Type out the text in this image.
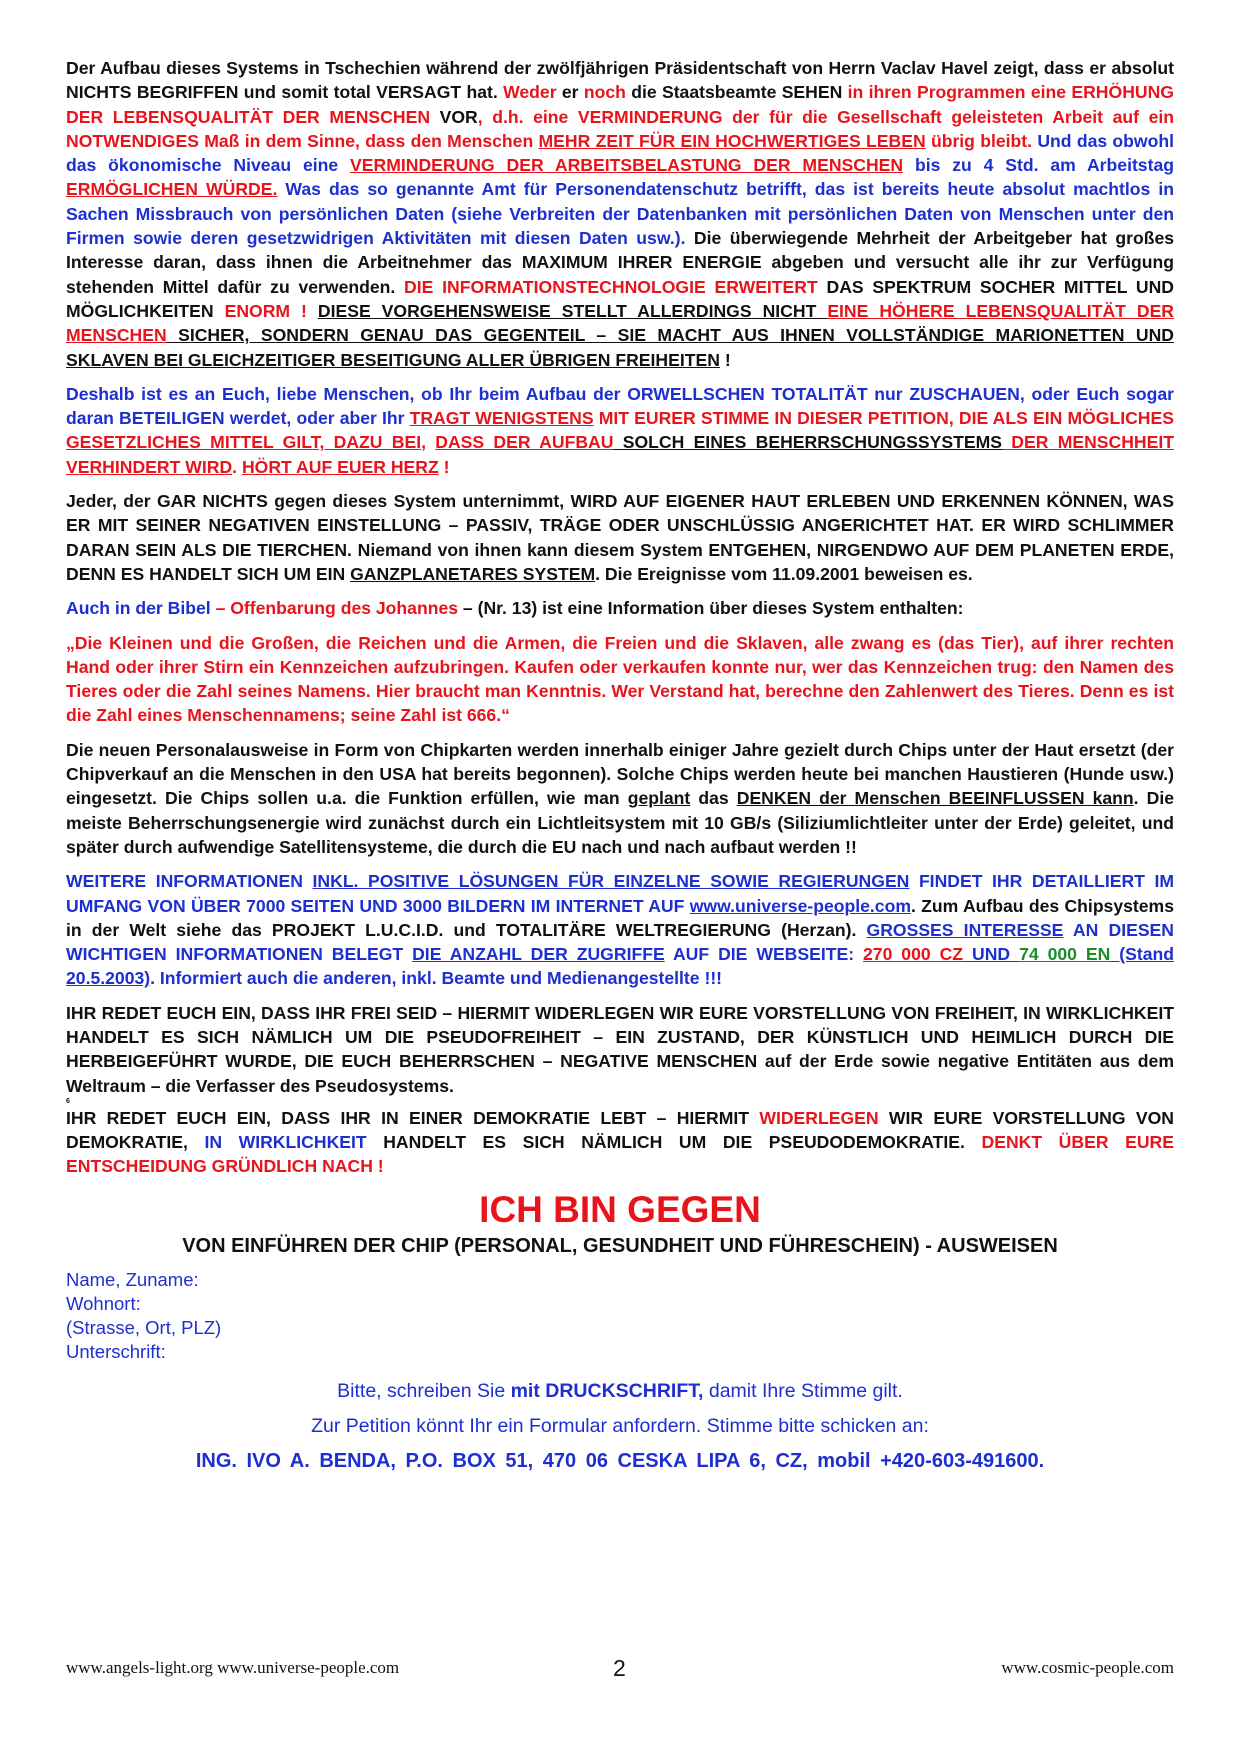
Der Aufbau dieses Systems in Tschechien während der zwölfjährigen Präsidentschaft von Herrn Vaclav Havel zeigt, dass er absolut NICHTS BEGRIFFEN und somit total VERSAGT hat. Weder er noch die Staatsbeamte SEHEN in ihren Programmen eine ERHÖHUNG DER LEBENSQUALITÄT DER MENSCHEN VOR, d.h. eine VERMINDERUNG der für die Gesellschaft geleisteten Arbeit auf ein NOTWENDIGES Maß in dem Sinne, dass den Menschen MEHR ZEIT FÜR EIN HOCHWERTIGES LEBEN übrig bleibt. Und das obwohl das ökonomische Niveau eine VERMINDERUNG DER ARBEITSBELASTUNG DER MENSCHEN bis zu 4 Std. am Arbeitstag ERMÖGLICHEN WÜRDE. Was das so genannte Amt für Personendatenschutz betrifft, das ist bereits heute absolut machtlos in Sachen Missbrauch von persönlichen Daten (siehe Verbreiten der Datenbanken mit persönlichen Daten von Menschen unter den Firmen sowie deren gesetzwidrigen Aktivitäten mit diesen Daten usw.). Die überwiegende Mehrheit der Arbeitgeber hat großes Interesse daran, dass ihnen die Arbeitnehmer das MAXIMUM IHRER ENERGIE abgeben und versucht alle ihr zur Verfügung stehenden Mittel dafür zu verwenden. DIE INFORMATIONSTECHNOLOGIE ERWEITERT DAS SPEKTRUM SOCHER MITTEL UND MÖGLICHKEITEN ENORM ! DIESE VORGEHENSWEISE STELLT ALLERDINGS NICHT EINE HÖHERE LEBENSQUALITÄT DER MENSCHEN SICHER, SONDERN GENAU DAS GEGENTEIL – SIE MACHT AUS IHNEN VOLLSTÄNDIGE MARIONETTEN UND SKLAVEN BEI GLEICHZEITIGER BESEITIGUNG ALLER ÜBRIGEN FREIHEITEN !

Deshalb ist es an Euch, liebe Menschen, ob Ihr beim Aufbau der ORWELLSCHEN TOTALITÄT nur ZUSCHAUEN, oder Euch sogar daran BETEILIGEN werdet, oder aber Ihr TRAGT WENIGSTENS MIT EURER STIMME IN DIESER PETITION, DIE ALS EIN MÖGLICHES GESETZLICHES MITTEL GILT, DAZU BEI, DASS DER AUFBAU SOLCH EINES BEHERRSCHUNGSSYSTEMS DER MENSCHHEIT VERHINDERT WIRD. HÖRT AUF EUER HERZ !

Jeder, der GAR NICHTS gegen dieses System unternimmt, WIRD AUF EIGENER HAUT ERLEBEN UND ERKENNEN KÖNNEN, WAS ER MIT SEINER NEGATIVEN EINSTELLUNG – PASSIV, TRÄGE ODER UNSCHLÜSSIG ANGERICHTET HAT. ER WIRD SCHLIMMER DARAN SEIN ALS DIE TIERCHEN. Niemand von ihnen kann diesem System ENTGEHEN, NIRGENDWO AUF DEM PLANETEN ERDE, DENN ES HANDELT SICH UM EIN GANZPLANETARES SYSTEM. Die Ereignisse vom 11.09.2001 beweisen es.

Auch in der Bibel – Offenbarung des Johannes – (Nr. 13) ist eine Information über dieses System enthalten:

„Die Kleinen und die Großen, die Reichen und die Armen, die Freien und die Sklaven, alle zwang es (das Tier), auf ihrer rechten Hand oder ihrer Stirn ein Kennzeichen aufzubringen. Kaufen oder verkaufen konnte nur, wer das Kennzeichen trug: den Namen des Tieres oder die Zahl seines Namens. Hier braucht man Kenntnis. Wer Verstand hat, berechne den Zahlenwert des Tieres. Denn es ist die Zahl eines Menschennamens; seine Zahl ist 666.“

Die neuen Personalausweise in Form von Chipkarten werden innerhalb einiger Jahre gezielt durch Chips unter der Haut ersetzt (der Chipverkauf an die Menschen in den USA hat bereits begonnen). Solche Chips werden heute bei manchen Haustieren (Hunde usw.) eingesetzt. Die Chips sollen u.a. die Funktion erfüllen, wie man geplant das DENKEN der Menschen BEEINFLUSSEN kann. Die meiste Beherrschungsenergie wird zunächst durch ein Lichtleitsystem mit 10 GB/s (Siliziumlichtleiter unter der Erde) geleitet, und später durch aufwendige Satellitensysteme, die durch die EU nach und nach aufbaut werden !!

WEITERE INFORMATIONEN INKL. POSITIVE LÖSUNGEN FÜR EINZELNE SOWIE REGIERUNGEN FINDET IHR DETAILLIERT IM UMFANG VON ÜBER 7000 SEITEN UND 3000 BILDERN IM INTERNET AUF www.universe-people.com. Zum Aufbau des Chipsystems in der Welt siehe das PROJEKT L.U.C.I.D. und TOTALITÄRE WELTREGIERUNG (Herzan). GROSSES INTERESSE AN DIESEN WICHTIGEN INFORMATIONEN BELEGT DIE ANZAHL DER ZUGRIFFE AUF DIE WEBSEITE: 270 000 CZ UND 74 000 EN (Stand 20.5.2003). Informiert auch die anderen, inkl. Beamte und Medienangestellte !!!

IHR REDET EUCH EIN, DASS IHR FREI SEID – HIERMIT WIDERLEGEN WIR EURE VORSTELLUNG VON FREIHEIT, IN WIRKLICHKEIT HANDELT ES SICH NÄMLICH UM DIE PSEUDOFREIHEIT – EIN ZUSTAND, DER KÜNSTLICH UND HEIMLICH DURCH DIE HERBEIGEFÜHRT WURDE, DIE EUCH BEHERRSCHEN – NEGATIVE MENSCHEN auf der Erde sowie negative Entitäten aus dem Weltraum – die Verfasser des Pseudosystems.

6

IHR REDET EUCH EIN, DASS IHR IN EINER DEMOKRATIE LEBT – HIERMIT WIDERLEGEN WIR EURE VORSTELLUNG VON DEMOKRATIE, IN WIRKLICHKEIT HANDELT ES SICH NÄMLICH UM DIE PSEUDODEMOKRATIE. DENKT ÜBER EURE ENTSCHEIDUNG GRÜNDLICH NACH !

ICH BIN GEGEN
VON EINFÜHREN DER CHIP (PERSONAL, GESUNDHEIT UND FÜHRESCHEIN) - AUSWEISEN
Name, Zuname:
Wohnort:
(Strasse, Ort, PLZ)
Unterschrift:
Bitte, schreiben Sie mit DRUCKSCHRIFT, damit Ihre Stimme gilt.
Zur Petition könnt Ihr ein Formular anfordern. Stimme bitte schicken an:
ING. IVO A. BENDA, P.O. BOX 51, 470 06 CESKA LIPA 6, CZ, mobil +420-603-491600.
www.angels-light.org www.universe-people.com	2	www.cosmic-people.com
